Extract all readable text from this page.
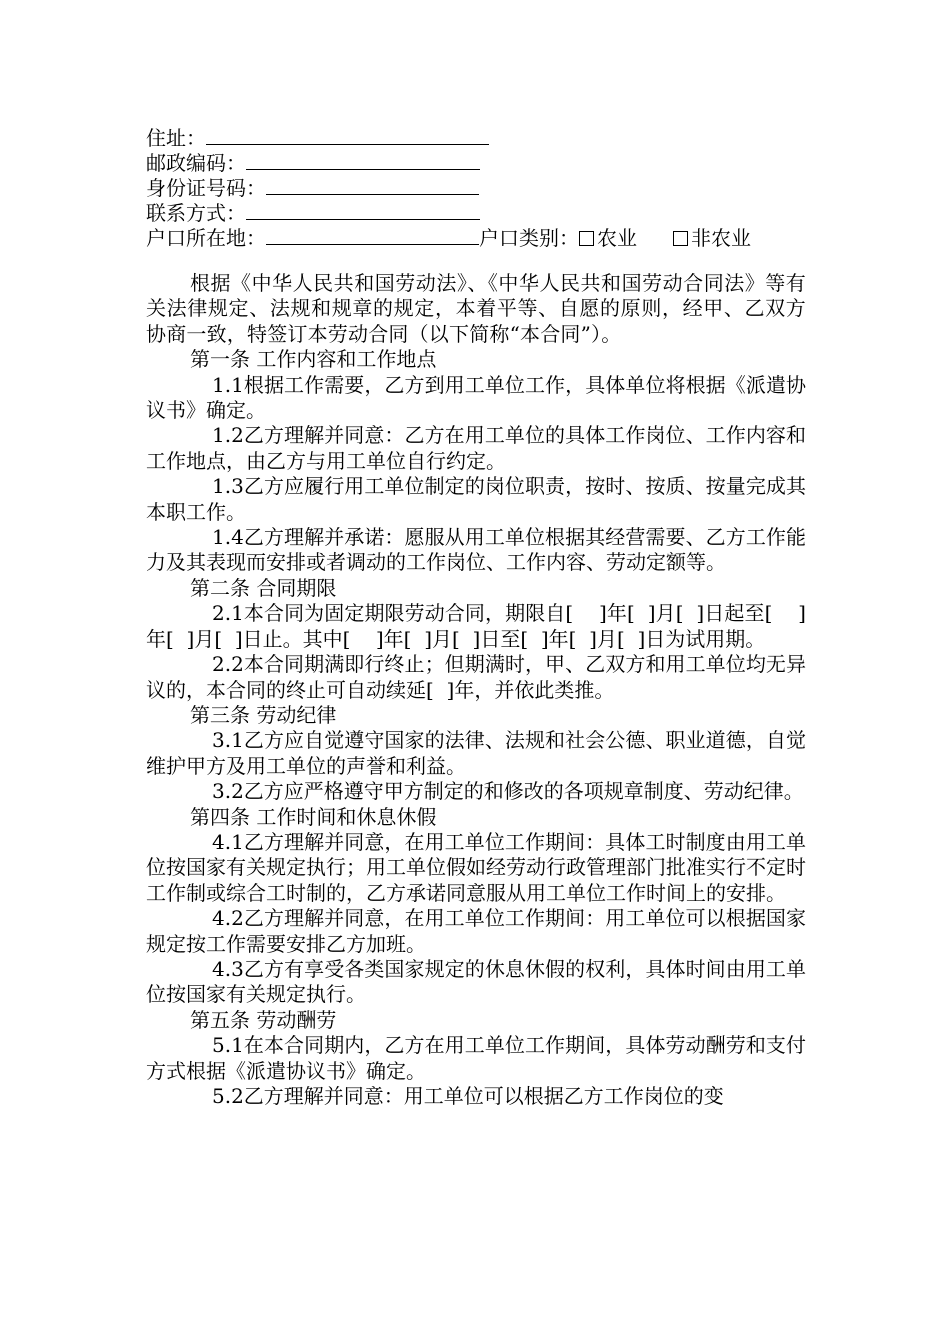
住址：
邮政编码：
身份证号码：
联系方式：
户口所在地：	户口类别： 农业	非农业

根据《中华人民共和国劳动法》、《中华人民共和国劳动合同法》等有关法律规定、法规和规章的规定，本着平等、自愿的原则，经甲、乙双方协商一致，特签订本劳动合同（以下简称“本合同”）。

第一条 工作内容和工作地点

1.1根据工作需要，乙方到用工单位工作，具体单位将根据《派遣协议书》确定。

1.2乙方理解并同意：乙方在用工单位的具体工作岗位、工作内容和工作地点，由乙方与用工单位自行约定。

1.3乙方应履行用工单位制定的岗位职责，按时、按质、按量完成其本职工作。

1.4乙方理解并承诺：愿服从用工单位根据其经营需要、乙方工作能力及其表现而安排或者调动的工作岗位、工作内容、劳动定额等。

第二条 合同期限

2.1本合同为固定期限劳动合同，期限自[    ]年[  ]月[  ]日起至[    ]年[  ]月[  ]日止。其中[    ]年[  ]月[  ]日至[  ]年[  ]月[  ]日为试用期。

2.2本合同期满即行终止；但期满时，甲、乙双方和用工单位均无异议的，本合同的终止可自动续延[  ]年，并依此类推。

第三条 劳动纪律

3.1乙方应自觉遵守国家的法律、法规和社会公德、职业道德，自觉维护甲方及用工单位的声誉和利益。

3.2乙方应严格遵守甲方制定的和修改的各项规章制度、劳动纪律。

第四条 工作时间和休息休假

4.1乙方理解并同意，在用工单位工作期间：具体工时制度由用工单位按国家有关规定执行；用工单位假如经劳动行政管理部门批准实行不定时工作制或综合工时制的，乙方承诺同意服从用工单位工作时间上的安排。

4.2乙方理解并同意，在用工单位工作期间：用工单位可以根据国家规定按工作需要安排乙方加班。

4.3乙方有享受各类国家规定的休息休假的权利，具体时间由用工单位按国家有关规定执行。

第五条 劳动酬劳

5.1在本合同期内，乙方在用工单位工作期间，具体劳动酬劳和支付方式根据《派遣协议书》确定。

5.2乙方理解并同意：用工单位可以根据乙方工作岗位的变
